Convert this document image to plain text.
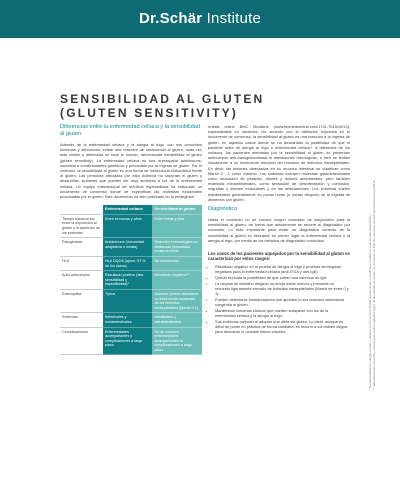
Dr.Schär Institute

SENSIBILIDAD AL GLUTEN

(GLUTEN SENSITIVITY)

Diferencias entre la enfermedad celíaca y la sensibilidad al gluten
Además de la enfermedad celíaca y la alergia al trigo, con sus conocidos síntomas y afecciones, existe otra reacción de intolerancia al gluten, cada vez más visible y detectada en todo el mundo, denominada sensibilidad al gluten (gluten sensitivity). La enfermedad celíaca es una enteropatía autoinmune, sometida a condicionantes genéticos y provocada por la ingesta de gluten. Por el contrario, la sensibilidad al gluten es una forma de intolerancia sintomática frente al gluten. Las personas afectadas por esta dolencia no soportan el gluten y desarrollan síntomas que pueden ser muy similares a los de la enfermedad celíaca. Un equipo internacional de médicos especialistas ha elaborado un documento de consenso donde se especifican las molestias funcionales provocadas por el gluten. Este documento ha sido publicado en la prestigiosa
	Enfermedad celíaca	Sensibilidad al gluten
Tiempo transcurrido entre la exposición al gluten y la aparición de los síntomas	Entre semanas y años	Entre horas y días
Patogénesis	Autoinmune (inmunidad adaptativa e innata)	Reacción inmunológica no declarada (inmunidad innata la fecha
HLA	HLA DQ2/8 (aprox. 97 % de los casos)	No esclarecido
Auto-anticuerpos	Resultado positivo (alta sensibilidad y especificidad)*	Resultado negativo**
Enteropatía	Típica	Ausente; puede detectarse un incremento moderado de los linfocitos intraepiteliales (Marsh 0-1)
Síntomas	Intestinales y extraintestinales	Intestinales y extraintestinales
Complicaciones	Enfermedades acompañantes y complicaciones a largo plazo	No se conocen enfermedades acompañantes ni complicaciones a largo plazo
revista online BMC Medicine (www.biomedcentral.com/1741-7015/10/13), especializada en medicina. De acuerdo con la definición expuesta en el documento de consenso, la sensibilidad al gluten es una reacción a la ingesta de gluten, en aquellos casos donde se ha descartado la posibilidad de que el paciente sufra de alergia al trigo o enfermedad celíaca*. A diferencia de los celíacos, los pacientes afectados por la sensibilidad al gluten no presentan anticuerpos anti-transglutaminasa ni alteraciones histológicas, o bien se limitan únicamente a un incremento reducido del recuento de linfocitos intraepiteliales. En decir, las lesiones detectadas en su mucosa intestinal se clasifican como Marsh 0 - 1 como máximo. Los síntomas incluyen molestias gastrointestinales como sensación de pesadez, diarrea y dolores abdominales, pero también molestias extraintestinales, como sensación de desorientación y confusión, migrañas y dolores musculares y en las articulaciones. Los síntomas suelen manifestarse generalmente en pocas horas (o horas) después de la ingesta de alimentos con gluten.
Diagnóstico
Hasta el momento no se conoce ningún marcador de diagnóstico para la sensibilidad al gluten, de forma que actualmente se recurre al diagnóstico por exclusión. Lo más importante para emitir un diagnóstico correcto de la sensibilidad al gluten es descartar en primer lugar la enfermedad celíaca y la alergia al trigo, por medio de los métodos de diagnóstico conocidos.
Los casos de los pacientes aquejados por la sensibilidad al gluten se caracterizan por estos rasgos:
• Resultado negativo en la prueba de alergia al trigo y pruebas serológicas negativas para la enfermedad celíaca (anti-tTGA y anti-IgE).
• Queda excluida la posibilidad de que sufran una carencia de IgA.
• La biopsia de intestino delgado no arroja datos nuevos y presenta un recuento ligeramente elevado de linfocitos intraepiteliales (Marsh de entre 0 y 1).
• Pueden detectarse biomarcadores que apunten a una reacción inmunitaria congénita al gluten.
• Manifiestan síntomas clínicos que pueden solaparse con los de la enfermedad celíaca y la alergia al trigo.
• Sus síntomas mejoran al adoptar una dieta sin gluten. Lo ideal, aunque es difícil de poner en práctica de forma cotidiana, es recurrir a los dobles ciegos, para descartar un posible efecto placebo.	* Excepcionalmente, alergia al trigo y celíacos como no HLA-DQ2/8 pueden tener un perfil muy tardado en este sentido diagnóstico. ** Autoanticuerpos anti-tTG y anticuerpos contra el gliadina (IgA) no dominados de gluten, en forma de un 10% de pacientes con EC pueden tener un perfil de
